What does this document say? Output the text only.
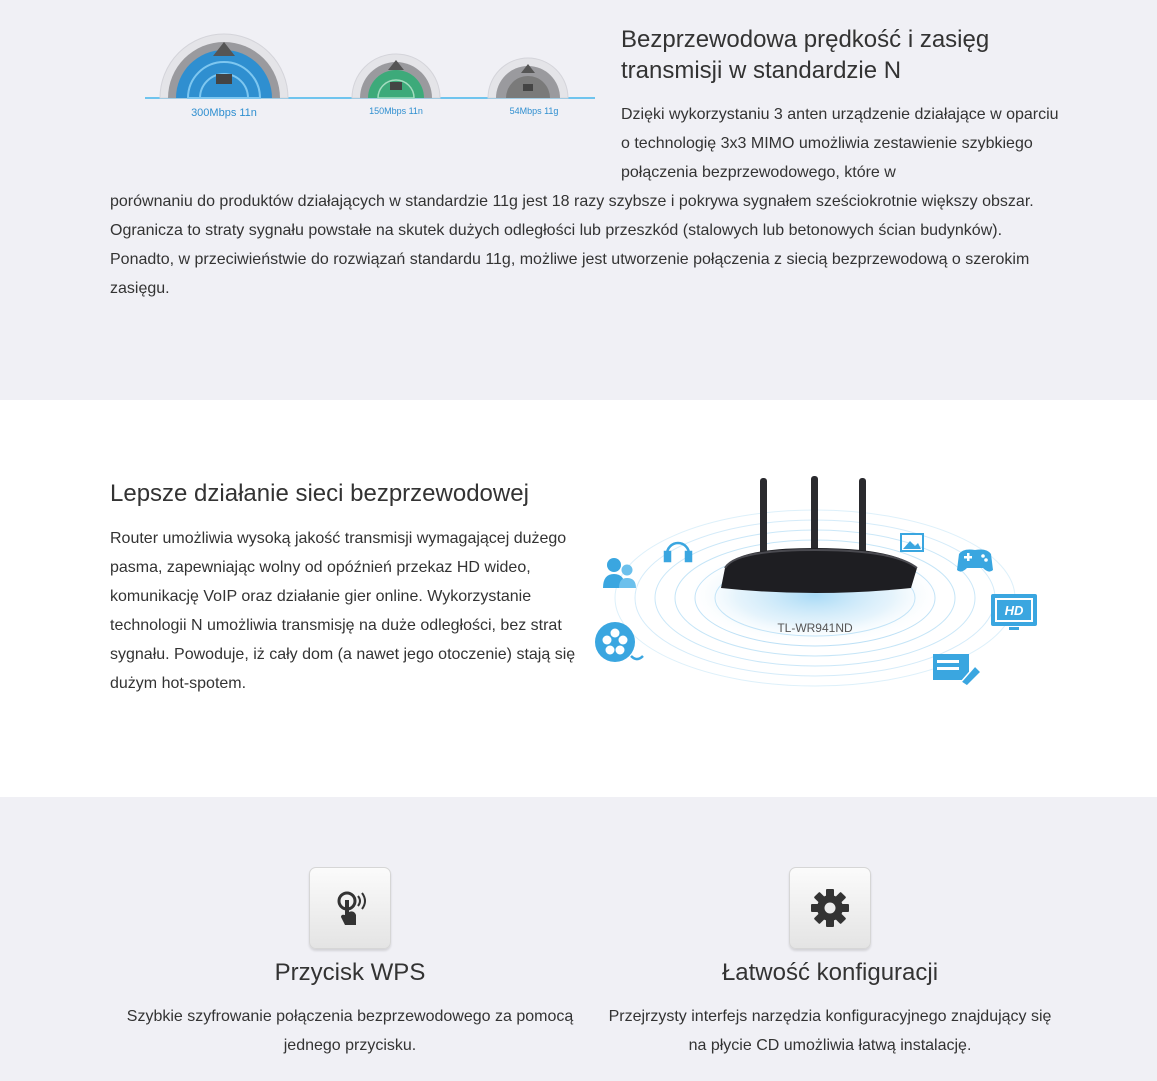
300Mbps 11n	150Mbps 11n	54Mbps 11g
Bezprzewodowa prędkość i zasięg transmisji w standardzie N
Dzięki wykorzystaniu 3 anten urządzenie działające w oparciu o technologię 3x3 MIMO umożliwia zestawienie szybkiego połączenia bezprzewodowego, które w
porównaniu do produktów działających w standardzie 11g jest 18 razy szybsze i pokrywa sygnałem sześciokrotnie większy obszar. Ogranicza to straty sygnału powstałe na skutek dużych odległości lub przeszkód (stalowych lub betonowych ścian budynków). Ponadto, w przeciwieństwie do rozwiązań standardu 11g, możliwe jest utworzenie połączenia z siecią bezprzewodową o szerokim zasięgu.
Lepsze działanie sieci bezprzewodowej
Router umożliwia wysoką jakość transmisji wymagającej dużego pasma, zapewniając wolny od opóźnień przekaz HD wideo, komunikację VoIP oraz działanie gier online. Wykorzystanie technologii N umożliwia transmisję na duże odległości, bez strat sygnału. Powoduje, iż cały dom (a nawet jego otoczenie) stają się dużym hot-spotem.
TL-WR941ND
HD
Przycisk WPS
Szybkie szyfrowanie połączenia bezprzewodowego za pomocą jednego przycisku.
Łatwość konfiguracji
Przejrzysty interfejs narzędzia konfiguracyjnego znajdujący się na płycie CD umożliwia łatwą instalację.
